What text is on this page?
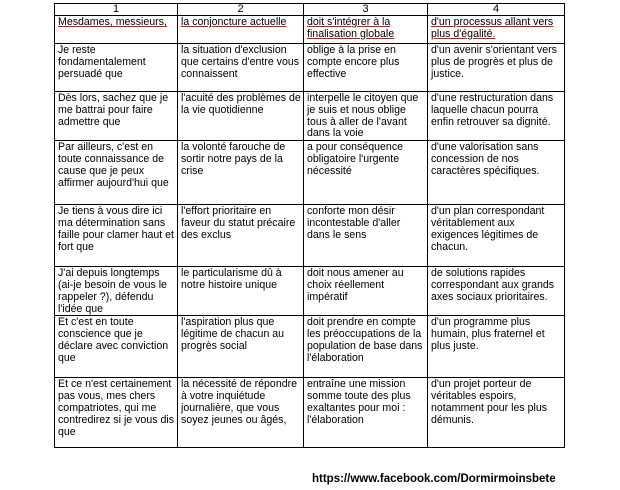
1	2	3	4

Mesdames, messieurs,	la conjoncture actuelle	doit s'intégrer à la finalisation globale	d'un processus allant vers plus d'égalité.

Je reste fondamentalement persuadé que	la situation d'exclusion que certains d'entre vous connaissent	oblige à la prise en compte encore plus effective	d'un avenir s'orientant vers plus de progrès et plus de justice.

Dès lors, sachez que je me battrai pour faire admettre que	l'acuité des problèmes de la vie quotidienne	interpelle le citoyen que je suis et nous oblige tous à aller de l'avant dans la voie	d'une restructuration dans laquelle chacun pourra enfin retrouver sa dignité.

Par ailleurs, c'est en toute connaissance de cause que je peux affirmer aujourd'hui que	la volonté farouche de sortir notre pays de la crise	a pour conséquence obligatoire l'urgente nécessité	d'une valorisation sans concession de nos caractères spécifiques.

Je tiens à vous dire ici ma détermination sans faille pour clamer haut et fort que	l'effort prioritaire en faveur du statut précaire des exclus	conforte mon désir incontestable d'aller dans le sens	d'un plan correspondant véritablement aux exigences légitimes de chacun.

J'ai depuis longtemps (ai-je besoin de vous le rappeler ?), défendu l'idée que	le particularisme dû à notre histoire unique	doit nous amener au choix réellement impératif	de solutions rapides correspondant aux grands axes sociaux prioritaires.

Et c'est en toute conscience que je déclare avec conviction que	l'aspiration plus que légitime de chacun au progrès social	doit prendre en compte les préoccupations de la population de base dans l'élaboration	d'un programme plus humain, plus fraternel et plus juste.

Et ce n'est certainement pas vous, mes chers compatriotes, qui me contredirez si je vous dis que	la nécessité de répondre à votre inquiétude journalière, que vous soyez jeunes ou âgés,	entraîne une mission somme toute des plus exaltantes pour moi : l'élaboration	d'un projet porteur de véritables espoirs, notamment pour les plus démunis.
https://www.facebook.com/Dormirmoinsbete
